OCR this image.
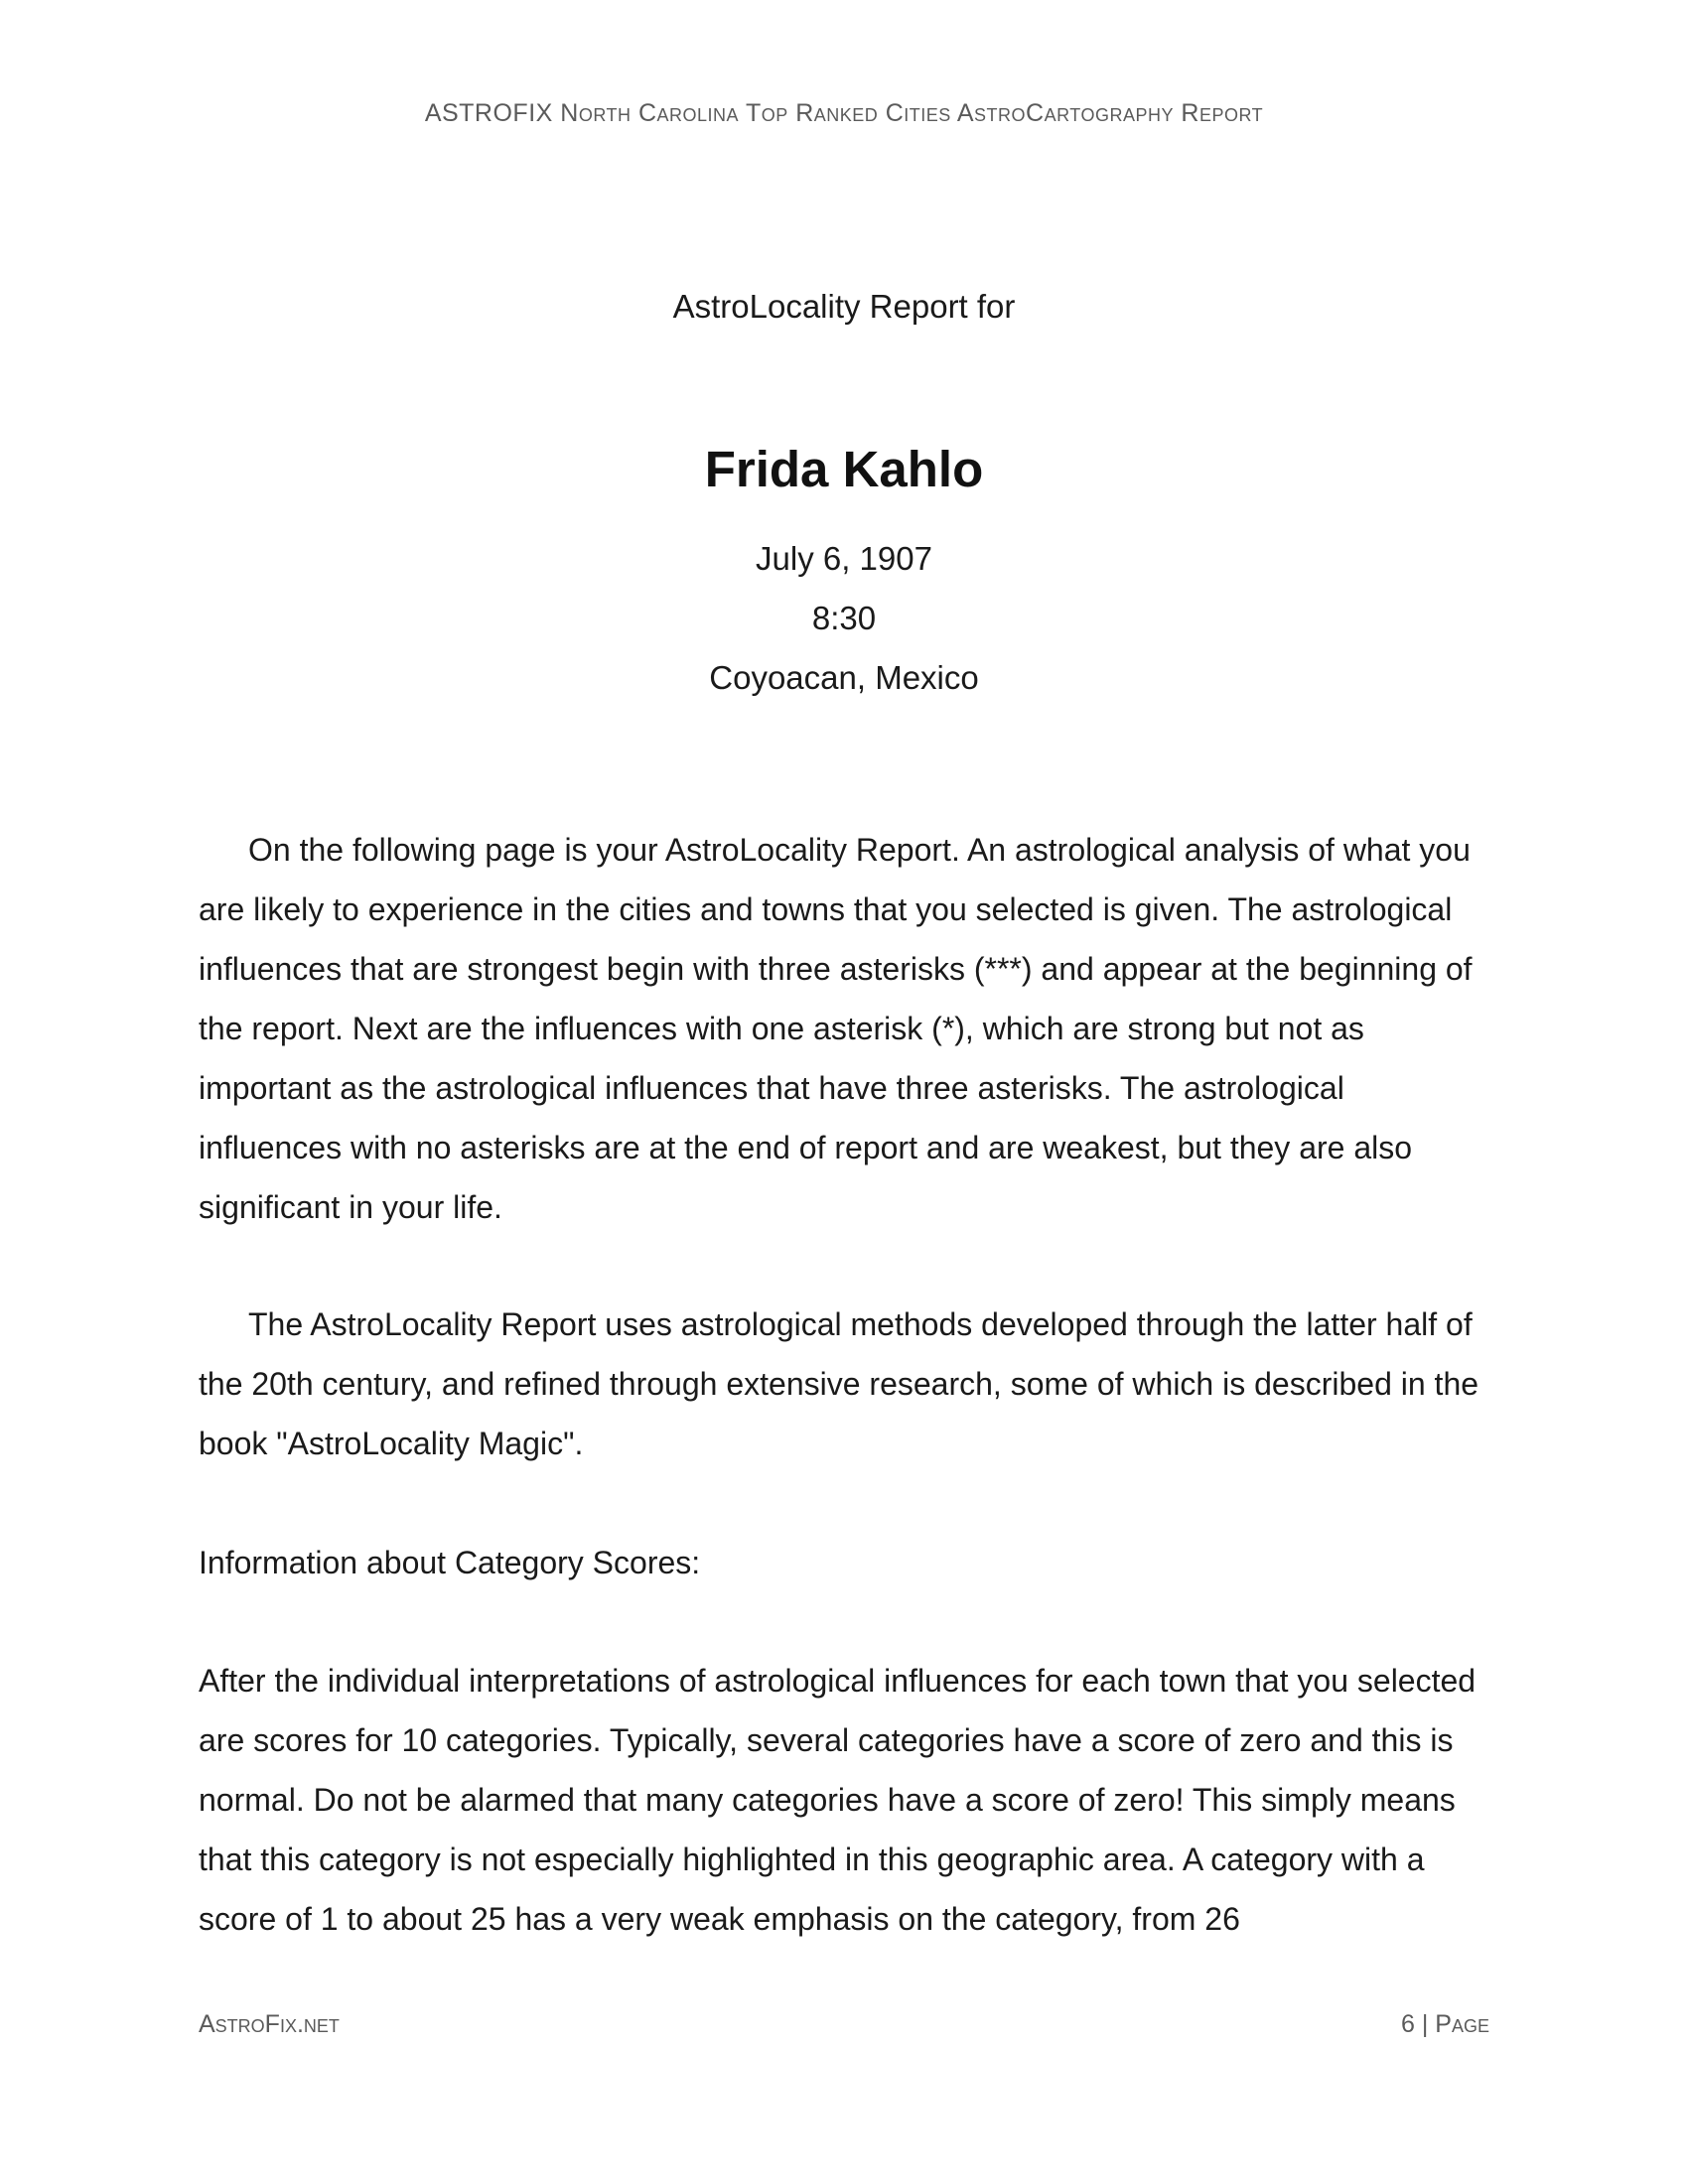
ASTROFIX North Carolina Top Ranked Cities AstroCartography Report
AstroLocality Report for
Frida Kahlo
July 6, 1907
8:30
Coyoacan, Mexico

On the following page is your AstroLocality Report. An astrological analysis of what you are likely to experience in the cities and towns that you selected is given. The astrological influences that are strongest begin with three asterisks (***) and appear at the beginning of the report. Next are the influences with one asterisk (*), which are strong but not as important as the astrological influences that have three asterisks. The astrological influences with no asterisks are at the end of report and are weakest, but they are also significant in your life.

The AstroLocality Report uses astrological methods developed through the latter half of the 20th century, and refined through extensive research, some of which is described in the book "AstroLocality Magic".

Information about Category Scores:

After the individual interpretations of astrological influences for each town that you selected are scores for 10 categories. Typically, several categories have a score of zero and this is normal. Do not be alarmed that many categories have a score of zero! This simply means that this category is not especially highlighted in this geographic area. A category with a score of 1 to about 25 has a very weak emphasis on the category, from 26

AstroFix.net	6 | Page
